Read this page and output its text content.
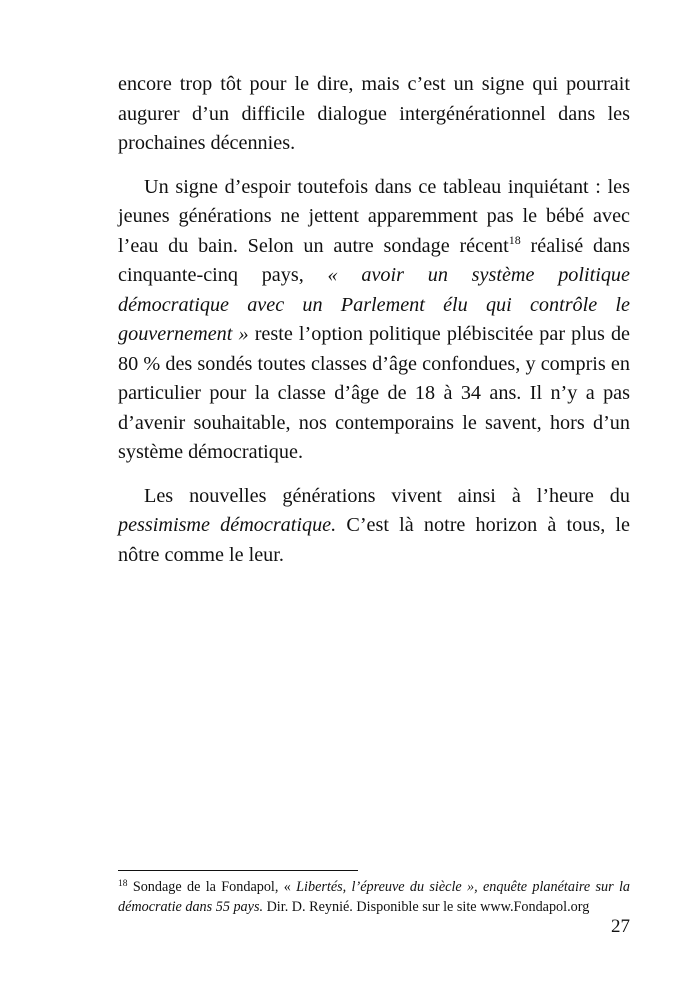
encore trop tôt pour le dire, mais c’est un signe qui pourrait augurer d’un difficile dialogue intergénérationnel dans les prochaines décennies.

Un signe d’espoir toutefois dans ce tableau inquiétant : les jeunes générations ne jettent apparemment pas le bébé avec l’eau du bain. Selon un autre sondage récent$^{18}$ réalisé dans cinquante-cinq pays, « avoir un système politique démocratique avec un Parlement élu qui contrôle le gouvernement » reste l’option politique plébiscitée par plus de 80 % des sondés toutes classes d’âge confondues, y compris en particulier pour la classe d’âge de 18 à 34 ans. Il n’y a pas d’avenir souhaitable, nos contemporains le savent, hors d’un système démocratique.

Les nouvelles générations vivent ainsi à l’heure du pessimisme démocratique. C’est là notre horizon à tous, le nôtre comme le leur.

$^{18}$ Sondage de la Fondapol, « Libertés, l’épreuve du siècle », enquête planétaire sur la démocratie dans 55 pays. Dir. D. Reynié. Disponible sur le site www.Fondapol.org

27
